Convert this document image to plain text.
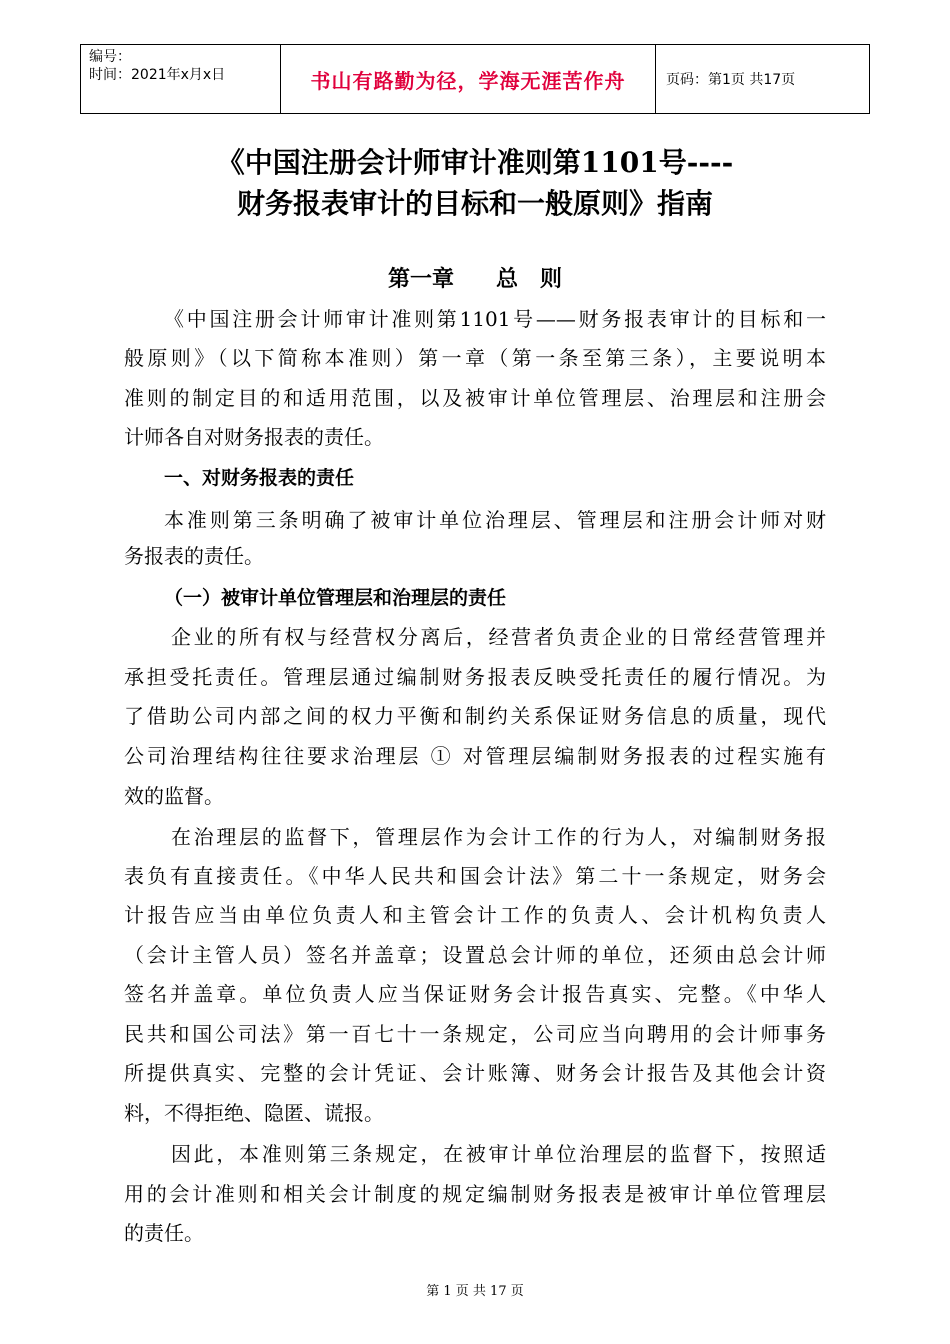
编号：
时间：2021年x月x日	书山有路勤为径，学海无涯苦作舟	页码：第1页 共17页
《中国注册会计师审计准则第1101号----
财务报表审计的目标和一般原则》指南
第一章 总 则
《中国注册会计师审计准则第1101号——财务报表审计的目标和一
般原则》（以下简称本准则）第一章（第一条至第三条），主要说明本
准则的制定目的和适用范围，以及被审计单位管理层、治理层和注册会
计师各自对财务报表的责任。
一、对财务报表的责任
本准则第三条明确了被审计单位治理层、管理层和注册会计师对财
务报表的责任。
（一）被审计单位管理层和治理层的责任
企业的所有权与经营权分离后，经营者负责企业的日常经营管理并
承担受托责任。管理层通过编制财务报表反映受托责任的履行情况。为
了借助公司内部之间的权力平衡和制约关系保证财务信息的质量，现代
公司治理结构往往要求治理层 ① 对管理层编制财务报表的过程实施有
效的监督。
在治理层的监督下，管理层作为会计工作的行为人，对编制财务报
表负有直接责任。《中华人民共和国会计法》第二十一条规定，财务会
计报告应当由单位负责人和主管会计工作的负责人、会计机构负责人
（会计主管人员）签名并盖章；设置总会计师的单位，还须由总会计师
签名并盖章。单位负责人应当保证财务会计报告真实、完整。《中华人
民共和国公司法》第一百七十一条规定，公司应当向聘用的会计师事务
所提供真实、完整的会计凭证、会计账簿、财务会计报告及其他会计资
料，不得拒绝、隐匿、谎报。
因此，本准则第三条规定，在被审计单位治理层的监督下，按照适
用的会计准则和相关会计制度的规定编制财务报表是被审计单位管理层
的责任。
第 1 页 共 17 页
